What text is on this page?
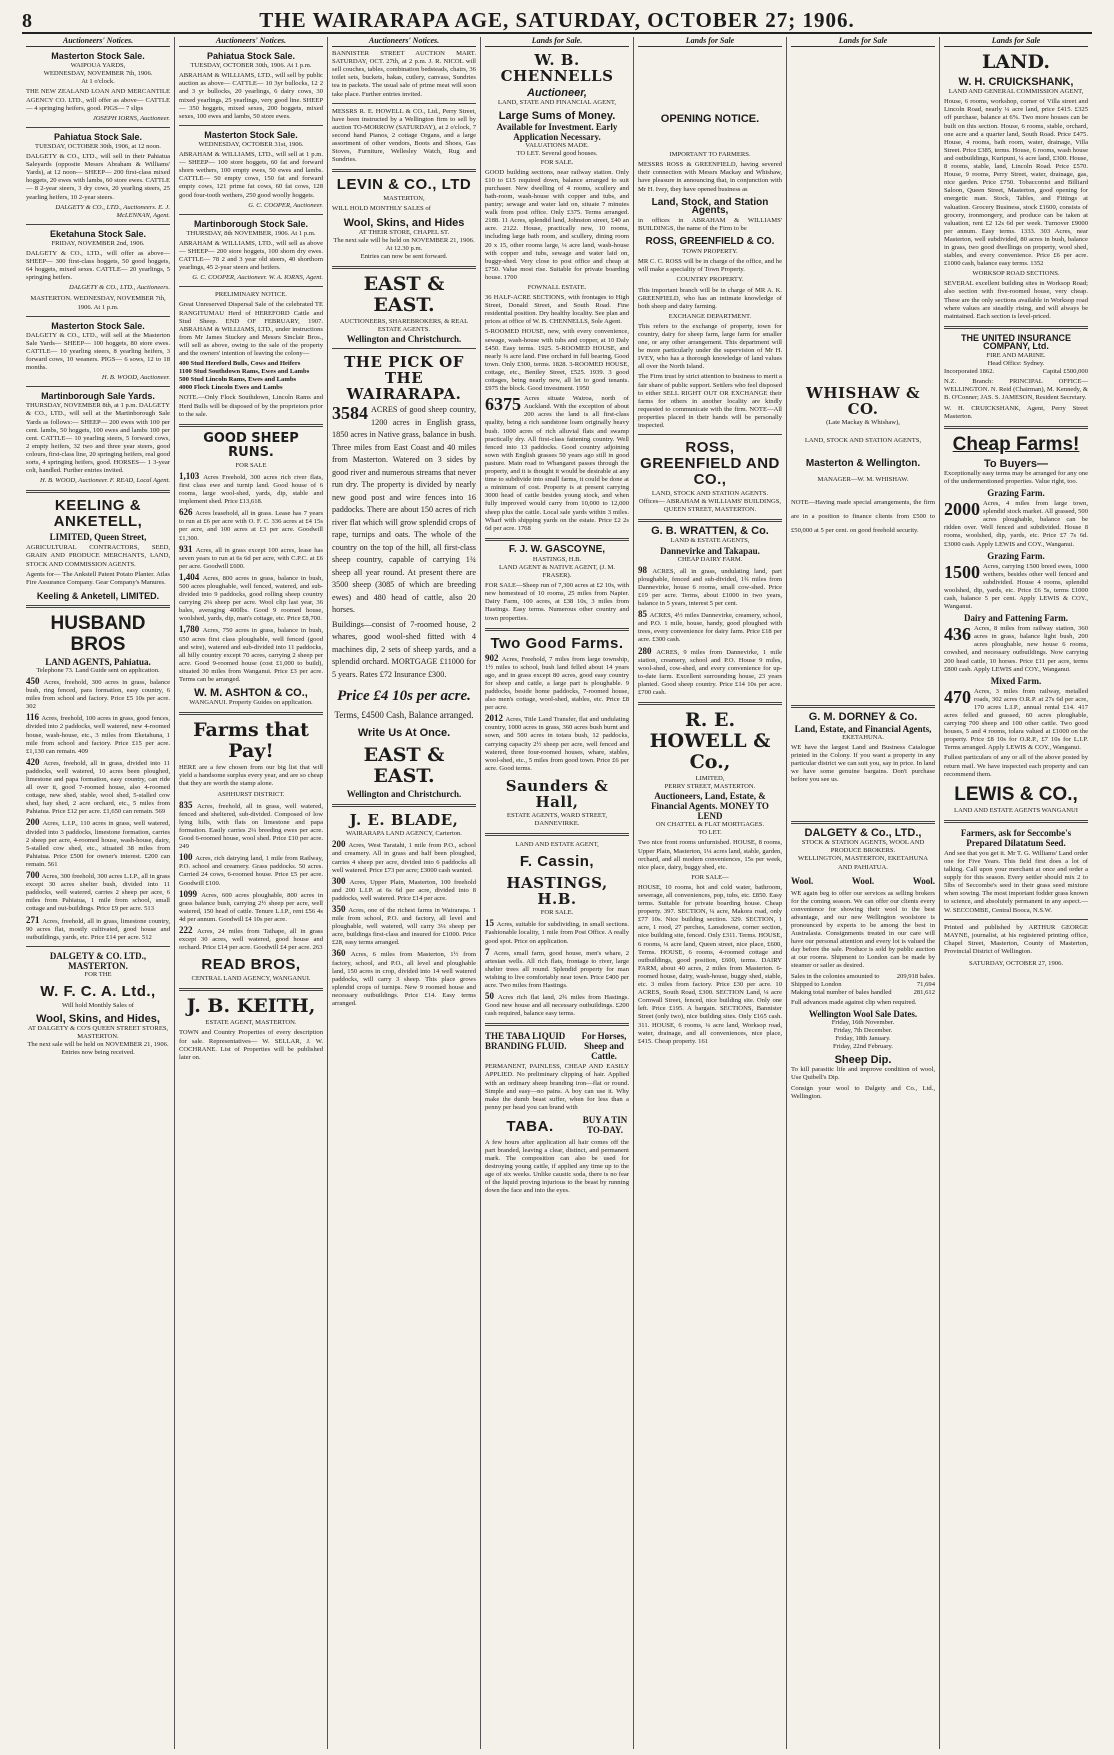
8	THE WAIRARAPA AGE, SATURDAY, OCTOBER 27; 1906.
Auctioneers' Notices.
Masterton Stock Sale.
WAIPOUA YARDS,
WEDNESDAY, NOVEMBER 7th, 1906.
At 1 o'clock.
THE NEW ZEALAND LOAN AND MERCANTILE AGENCY CO. LTD., will offer as above— CATTLE— 4 springing heifers, good. PIGS— 7 slips
JOSEPH IORNS, Auctioneer.
Pahiatua Stock Sale.
TUESDAY, OCTOBER 30th, 1906, at 12 noon.
DALGETY & CO., LTD., will sell in their Pahiatua Saleyards (opposite Messrs Abraham & Williams' Yards), at 12 noon— SHEEP— 200 first-class mixed hoggets, 20 ewes with lambs, 60 store ewes. CATTLE— 8 2-year steers, 3 dry cows, 20 yearling steers, 25 yearling heifers, 10 2-year steers.
DALGETY & CO., LTD., Auctioneers. E. J. McLENNAN, Agent.
Eketahuna Stock Sale.
FRIDAY, NOVEMBER 2nd, 1906.
DALGETY & CO., LTD., will offer as above— SHEEP— 300 first-class hoggets, 50 good hoggets, 64 hoggets, mixed sexes. CATTLE— 20 yearlings, 5 springing heifers.
DALGETY & CO., LTD., Auctioneers.
MASTERTON. WEDNESDAY, NOVEMBER 7th, 1906. At 1 p.m.
Masterton Stock Sale.
DALGETY & CO., LTD., will sell at the Masterton Sale Yards— SHEEP— 100 hoggets, 80 store ewes. CATTLE— 10 yearling steers, 8 yearling heifers, 3 forward cows, 10 weaners. PIGS— 6 sows, 12 to 18 months.
H. B. WOOD, Auctioneer.
Martinborough Sale Yards.
THURSDAY, NOVEMBER 8th, at 1 p.m. DALGETY & CO., LTD., will sell at the Martinborough Sale Yards as follows:— SHEEP— 200 ewes with 100 per cent. lambs, 50 hoggets, 100 ewes and lambs 100 per cent. CATTLE— 10 yearling steers, 5 forward cows, 2 empty heifers, 32 two and three year steers, good colours, first-class line, 20 springing heifers, real good sorts, 4 springing heifers, good. HORSES— 1 3-year colt, handled. Further entries invited.
H. B. WOOD, Auctioneer. F. READ, Local Agent.
KEELING & ANKETELL,
LIMITED, Queen Street,
AGRICULTURAL CONTRACTORS, SEED, GRAIN AND PRODUCE MERCHANTS, LAND, STOCK AND COMMISSION AGENTS.
Agents for— The Ankstell Patent Potato Planter. Atlas Fire Assurance Company. Gear Company's Manures.
Keeling & Anketell, LIMITED.
HUSBAND BROS
LAND AGENTS, Pahiatua.
Telephone 73. Land Guide sent on application.
450 Acres, freehold, 300 acres in grass, balance bush, ring fenced, para formation, easy country, 6 miles from school and factory. Price £5 10s per acre. 302
116 Acres, freehold, 100 acres in grass, good fences, divided into 2 paddocks, well watered, new 4-roomed house, wash-house, etc., 3 miles from Eketahuna, 1 mile from school and factory. Price £15 per acre. £1,130 can remain. 409
420 Acres, freehold, all in grass, divided into 11 paddocks, well watered, 10 acres been ploughed, limestone and papa formation, easy country, can ride all over it, good 7-roomed house, also 4-roomed cottage, new shed, stable, wool shed, 5-stalled cow shed, hay shed, 2 acre orchard, etc., 5 miles from Pahiatua. Price £12 per acre. £1,650 can remain. 569
200 Acres, L.I.P., 110 acres in grass, well watered, divided into 3 paddocks, limestone formation, carries 2 sheep per acre, 4-roomed house, wash-house, dairy, 5-stalled cow shed, etc., situated 38 miles from Pahiatua. Price £500 for owner's interest. £200 can remain. 561
700 Acres, 300 freehold, 300 acres L.I.P., all in grass except 30 acres shelter bush, divided into 11 paddocks, well watered, carries 2 sheep per acre, 6 miles from Pahiatua, 1 mile from school, small cottage and out-buildings. Price £9 per acre. 513
271 Acres, freehold, all in grass, limestone country, 90 acres flat, mostly cultivated, good house and outbuildings, yards, etc. Price £14 per acre. 512
DALGETY & CO. LTD., MASTERTON.
FOR THE
W. F. C. A. Ltd.,
Will hold Monthly Sales of
Wool, Skins, and Hides,
AT DALGETY & CO'S QUEEN STREET STORES, MASTERTON.
The next sale will be held on NOVEMBER 21, 1906. Entries now being received.
Auctioneers' Notices.
Pahiatua Stock Sale.
TUESDAY, OCTOBER 30th, 1906. At 1 p.m.
ABRAHAM & WILLIAMS, LTD., will sell by public auction as above— CATTLE— 10 3yr bullocks, 12 2 and 3 yr bullocks, 20 yearlings, 6 dairy cows, 30 mixed yearlings, 25 yearlings, very good line. SHEEP— 350 hoggets, mixed sexes, 200 hoggets, mixed sexes, 100 ewes and lambs, 50 store ewes.
Masterton Stock Sale.
WEDNESDAY, OCTOBER 31st, 1906.
ABRAHAM & WILLIAMS, LTD., will sell at 1 p.m.— SHEEP— 100 store hoggets, 60 fat and forward shorn wethers, 100 empty ewes, 50 ewes and lambs. CATTLE— 50 empty cows, 150 fat and forward empty cows, 121 prime fat cows, 60 fat cows, 128 good four-tooth wethers, 250 good woolly hoggets.
G. C. COOPER, Auctioneer.
Martinborough Stock Sale.
THURSDAY, 8th NOVEMBER, 1906. At 1 p.m.
ABRAHAM & WILLIAMS, LTD., will sell as above— SHEEP— 200 store hoggets, 100 shorn dry ewes. CATTLE— 78 2 and 3 year old steers, 40 shorthorn yearlings, 45 2-year steers and heifers.
G. C. COOPER, Auctioneer. W. A. IORNS, Agent.
PRELIMINARY NOTICE.
Great Unreserved Dispersal Sale of the celebrated TE RANGITUMAU Herd of HEREFORD Cattle and Stud Sheep. END OF FEBRUARY, 1907. ABRAHAM & WILLIAMS, LTD., under instructions from Mr James Stuckey and Messrs Sinclair Bros., will sell as above, owing to the sale of the property and the owners' intention of leaving the colony—
400 Stud Hereford Bulls, Cows and Heifers
1100 Stud Southdown Rams, Ewes and Lambs
500 Stud Lincoln Rams, Ewes and Lambs
4000 Flock Lincoln Ewes and Lambs
NOTE.—Only Flock Southdown, Lincoln Rams and Herd Bulls will be disposed of by the proprietors prior to the sale.
GOOD SHEEP RUNS.
FOR SALE
1,103 Acres Freehold, 300 acres rich river flats, first class ewe and turnip land. Good house of 6 rooms, large wool-shed, yards, dip, stable and implement shed. Price £13,618.
626 Acres leasehold, all in grass. Lease has 7 years to run at £6 per acre with O. F. C. 336 acres at £4 15s per acre, and 100 acres at £3 per acre. Goodwill £1,300.
931 Acres, all in grass except 100 acres, lease has seven years to run at 6s 6d per acre, with C.P.C. at £6 per acre. Goodwill £600.
1,404 Acres, 800 acres in grass, balance in bush, 500 acres ploughable, well fenced, watered, and sub-divided into 9 paddocks, good rolling sheep country carrying 2¼ sheep per acre. Wool clip last year, 36 bales, averaging 400lbs. Good 9 roomed house, woolshed, yards, dip, man's cottage, etc. Price £8,700.
1,780 Acres, 750 acres in grass, balance in bush, 650 acres first class ploughable, well fenced (good and wire), watered and sub-divided into 11 paddocks, all hilly country except 70 acres, carrying 2 sheep per acre. Good 9-roomed house (cost £1,000 to build), situated 30 miles from Wanganui. Price £3 per acre. Terms can be arranged.
W. M. ASHTON & CO.,
WANGANUI. Property Guides on application.
Farms that Pay!
HERE are a few chosen from our big list that will yield a handsome surplus every year, and are so cheap that they are worth the stamp alone.
ASHHURST DISTRICT.
835 Acres, freehold, all in grass, well watered, fenced and sheltered, sub-divided. Composed of low lying hills, with flats on limestone and papa formation. Easily carries 2¼ breeding ewes per acre. Good 6-roomed house, wool shed. Price £10 per acre. 249
100 Acres, rich dairying land, 1 mile from Railway, P.O. school and creamery. Grass paddocks. 50 acres. Carried 24 cows, 6-roomed house. Price £5 per acre. Goodwill £100.
1099 Acres, 600 acres ploughable, 800 acres in grass balance bush, carrying 2½ sheep per acre, well watered, 150 head of cattle. Tenure L.I.P., rent £56 4s 4d per annum. Goodwill £4 10s per acre.
222 Acres, 24 miles from Taihape, all in grass except 30 acres, well watered, good house and orchard. Price £14 per acre. Goodwill £4 per acre. 263
READ BROS,
CENTRAL LAND AGENCY, WANGANUI.
J. B. KEITH,
ESTATE AGENT, MASTERTON.
TOWN and Country Properties of every description for sale. Representatives— W. SELLAR, J. W. COCHRANE. List of Properties will be published later on.
Auctioneers' Notices.
BANNISTER STREET AUCTION MART. SATURDAY, OCT. 27th, at 2 p.m. J. R. NICOL will sell couches, tables, combination bedsteads, chairs, 36 toilet sets, buckets, bakas, cutlery, canvass, Sundries tea in packets. The usual sale of prime meat will soon take place. Further entries invited.
MESSRS R. E. HOWELL & CO., Ltd., Perry Street, have been instructed by a Wellington firm to sell by auction TO-MORROW (SATURDAY), at 2 o'clock, 7 second hand Pianos, 2 cottage Organs, and a large assortment of other vendors, Boots and Shoes, Gas Stoves, Furniture, Wellesley Watch, Rug and Sundries.
LEVIN & CO., LTD
MASTERTON,
WILL HOLD MONTHLY SALES of
Wool, Skins, and Hides
AT THEIR STORE, CHAPEL ST.
The next sale will be held on NOVEMBER 21, 1906. At 12.30 p.m.
Entries can now be sent forward.
EAST & EAST.
AUCTIONEERS, SHAREBROKERS, & REAL ESTATE AGENTS.
Wellington and Christchurch.
THE PICK OF THE WAIRARAPA.
3584 ACRES of good sheep country, 1200 acres in English grass, 1850 acres in Native grass, balance in bush. Three miles from East Coast and 40 miles from Masterton. Watered on 3 sides by good river and numerous streams that never run dry. The property is divided by nearly new good post and wire fences into 16 paddocks. There are about 150 acres of rich river flat which will grow splendid crops of rape, turnips and oats. The whole of the country on the top of the hill, all first-class sheep country, capable of carrying 1¾ sheep all year round. At present there are 3500 sheep (3085 of which are breeding ewes) and 480 head of cattle, also 20 horses.
Buildings—consist of 7-roomed house, 2 whares, good wool-shed fitted with 4 machines dip, 2 sets of sheep yards, and a splendid orchard. MORTGAGE £11000 for 5 years. Rates £72 Insurance £300.
Price £4 10s per acre.
Terms, £4500 Cash, Balance arranged.
Write Us At Once.
EAST & EAST.
Wellington and Christchurch.
J. E. BLADE,
WAIRARAPA LAND AGENCY, Carterton.
200 Acres, West Taratahi, 1 mile from P.O., school and creamery. All in grass and half been ploughed, carries 4 sheep per acre, divided into 6 paddocks all well watered. Price £73 per acre; £3000 cash wanted.
300 Acres, Upper Plain, Masterton, 100 freehold and 200 L.I.P. at 6s 6d per acre, divided into 8 paddocks, well watered. Price £14 per acre.
350 Acres, one of the richest farms in Wairarapa. 1 mile from school, P.O. and factory, all level and ploughable, well watered, will carry 3¼ sheep per acre, buildings first-class and insured for £1000. Price £28, easy terms arranged.
360 Acres, 6 miles from Masterton, 1½ from factory, school, and P.O., all level and ploughable land, 150 acres in crop, divided into 14 well watered paddocks, will carry 3 sheep. This place grows splendid crops of turnips. New 9 roomed house and necessary outbuildings. Price £14. Easy terms arranged.
Lands for Sale.
W. B. CHENNELLS
Auctioneer,
LAND, STATE AND FINANCIAL AGENT,
Large Sums of Money.
Available for Investment. Early Application Necessary.
VALUATIONS MADE.
TO LET. Several good houses.
FOR SALE.
GOOD building sections, near railway station. Only £10 to £15 required down, balance arranged to suit purchaser. New dwelling of 4 rooms, scullery and bath-room, wash-house with copper and tubs, and pantry; sewage and water laid on, situate 7 minutes walk from post office. Only £375. Terms arranged. 2188. 11 Acres, splendid land, Johnston street, £40 an acre. 2122. House, practically new, 10 rooms, including large bath room, and scullery, dining room 20 x 15, other rooms large, ¼ acre land, wash-house with copper and tubs, sewage and water laid on, buggy-shed. Very close to post office and cheap at £750. Value most rise. Suitable for private boarding house. 1700
FOWNALL ESTATE.
36 HALF-ACRE SECTIONS, with frontages to High Street, Donald Street, and South Road. Fine residential position. Dry healthy locality. See plan and prices at office of W. B. CHENNELLS, Sole Agent.
5-ROOMED HOUSE, new, with every convenience, sewage, wash-house with tubs and copper, at 10 Daly £450. Easy terms. 1925. 5-ROOMED HOUSE, and nearly ¼ acre land. Fine orchard in full bearing, Good town. Only £300, terms. 1828. 3-ROOMED HOUSE, cottage, etc., Bentley Street, £525. 1939. 3 good cottages, being nearly new, all let to good tenants. £975 the block. Good investment. 1950
6375 Acres situate Wairoa, north of Auckland. With the exception of about 200 acres the land is all first-class quality, being a rich sandstone loam originally heavy bush. 1000 acres of rich alluvial flats and swamp practically dry. All first-class fattening country. Well fenced into 13 paddocks. Good country adjoining sown with English grasses 50 years ago still in good pasture. Main road to Whangarei passes through the property, and it is thought it would be desirable at any time to subdivide into small farms, it could be done at a minimum of cost. Property is at present carrying 3000 head of cattle besides young stock, and when fully improved would carry from 10,000 to 12,000 sheep plus the cattle. Local sale yards within 3 miles. Wharf with shipping yards on the estate. Price £2 2s 6d per acre. 1768
F. J. W. GASCOYNE,
HASTINGS, H.B.
LAND AGENT & NATIVE AGENT, (J. M. FRASER).
FOR SALE—Sheep run of 7,300 acres at £2 10s, with new homestead of 10 rooms, 25 miles from Napier. Dairy Farm, 100 acres, at £38 10s, 3 miles from Hastings. Easy terms. Numerous other country and town properties.
Two Good Farms.
902 Acres, Freehold, 7 miles from large township, 1½ miles to school, bush land felled about 14 years ago, and in grass except 80 acres, good easy country for sheep and cattle, a large part is ploughable. 9 paddocks, beside home paddocks, 7-roomed house, also men's cottage, wool-shed, stables, etc. Price £8 per acre.
2012 Acres, Title Land Transfer, flat and undulating country, 1000 acres in grass, 360 acres bush burnt and sown, and 500 acres in totara bush, 12 paddocks, carrying capacity 2½ sheep per acre, well fenced and watered, three four-roomed houses, whare, stables, wool-shed, etc., 5 miles from good town. Price £6 per acre. Good terms.
Saunders & Hall,
ESTATE AGENTS, WARD STREET, DANNEVIRKE.
LAND AND ESTATE AGENT,
F. Cassin,
HASTINGS, H.B.
FOR SALE.
15 Acres, suitable for subdividing, in small sections. Fashionable locality, 1 mile from Post Office. A really good spot. Price on application.
7 Acres, small farm, good house, men's whare, 2 artesian wells. All rich flats, frontage to river, large shelter trees all round. Splendid property for man wishing to live comfortably near town. Price £400 per acre. Two miles from Hastings.
50 Acres rich flat land, 2¾ miles from Hastings. Good new house and all necessary outbuildings. £200 cash required, balance easy terms.
THE TABA LIQUID BRANDING FLUID.
For Horses, Sheep and Cattle.
PERMANENT, PAINLESS, CHEAP AND EASILY APPLIED. No preliminary clipping of hair. Applied with an ordinary sheep branding iron—flat or round. Simple and easy—no pains. A boy can use it. Why make the dumb beast suffer, when for less than a penny per head you can brand with
TABA.	BUY A TIN TO-DAY.
A few hours after application all hair comes off the part branded, leaving a clear, distinct, and permanent mark. The composition can also be used for destroying young cattle, if applied any time up to the age of six weeks. Unlike caustic soda, there is no fear of the liquid proving injurious to the beast by running down the face and into the eyes.
Lands for Sale
OPENING NOTICE.
IMPORTANT TO FARMERS.
MESSRS ROSS & GREENFIELD, having severed their connection with Messrs Mackay and Whishaw, have pleasure in announcing that, in conjunction with Mr H. Ivey, they have opened business as
Land, Stock, and Station Agents,
in offices in ABRAHAM & WILLIAMS' BUILDINGS, the name of the Firm to be
ROSS, GREENFIELD & CO.
TOWN PROPERTY.
MR C. C. ROSS will be in charge of the office, and he will make a speciality of Town Property.
COUNTRY PROPERTY.
This important branch will be in charge of MR A. K. GREENFIELD, who has an intimate knowledge of both sheep and dairy farming.
EXCHANGE DEPARTMENT.
This refers to the exchange of property, town for country, dairy for sheep farm, large farm for smaller one, or any other arrangement. This department will be more particularly under the supervision of Mr H. IVEY, who has a thorough knowledge of land values all over the North Island.
The Firm trust by strict attention to business to merit a fair share of public support. Settlers who feel disposed to either SELL RIGHT OUT OR EXCHANGE their farms for others in another locality are kindly requested to communicate with the firm. NOTE—All properties placed in their hands will be personally inspected.
ROSS, GREENFIELD AND CO.,
LAND, STOCK AND STATION AGENTS.
Offices— ABRAHAM & WILLIAMS' BUILDINGS, QUEEN STREET, MASTERTON.
G. B. WRATTEN, & Co.
LAND & ESTATE AGENTS,
Dannevirke and Takapau.
CHEAP DAIRY FARM.
98 ACRES, all in grass, undulating land, part ploughable, fenced and sub-divided, 1¾ miles from Dannevirke, house 6 rooms, small cow-shed. Price £19 per acre. Terms, about £1000 in two years, balance in 5 years, interest 5 per cent.
85 ACRES, 4½ miles Dannevirke, creamery, school, and P.O. 1 mile, house, handy, good ploughed with trees, every convenience for dairy farm. Price £18 per acre. £300 cash.
280 ACRES, 9 miles from Dannevirke, 1 mile station, creamery, school and P.O. House 9 miles, wool-shed, cow-shed, and every convenience for up-to-date farm. Excellent surrounding house, 23 years planted. Good sheep country. Price £14 10s per acre. £700 cash.
R. E. HOWELL & Co.,
LIMITED,
PERRY STREET, MASTERTON.
Auctioneers, Land, Estate, & Financial Agents. MONEY TO LEND
ON CHATTEL & FLAT MORTGAGES.
TO LET.
Two nice front rooms unfurnished. HOUSE, 8 rooms, Upper Plain, Masterton, 1¼ acres land, stable, garden, orchard, and all modern conveniences, 15s per week, nice place, dairy, buggy shed, etc.
FOR SALE—
HOUSE, 10 rooms, hot and cold water, bathroom, sewerage, all conveniences, pop, tubs, etc. £850. Easy terms. Suitable for private boarding house. Cheap property. 397. SECTION, ¼ acre, Makora road, only £77 10s. Nice building section. 329. SECTION, 1 acre, 1 rood, 27 perches, Lansdowne, corner section, nice building site, fenced. Only £311. Terms. HOUSE, 6 rooms, ¼ acre land, Queen street, nice place, £600, Terms. HOUSE, 6 rooms, 4-roomed cottage and outbuildings, good position, £600, terms. DAIRY FARM, about 40 acres, 2 miles from Masterton. 6-roomed house, dairy, wash-house, buggy shed, stable, etc. 3 miles from factory. Price £30 per acre. 10 ACRES, South Road, £300. SECTION Land, ¼ acre Cornwall Street, fenced, nice building site. Only one left. Price £195. A bargain. SECTIONS, Bannister Street (only two), nice building sites. Only £165 cash. 311. HOUSE, 6 rooms, ¼ acre land, Worksop road, water, drainage, and all conveniences, nice place, £415. Cheap property. 161
Lands for Sale
WHISHAW & CO.
(Late Mackay & Whishaw),
LAND, STOCK AND STATION AGENTS,
Masterton & Wellington.
MANAGER—W. M. WHISHAW.
NOTE—Having made special arrangements, the firm are in a position to finance clients from £500 to £50,000 at 5 per cent. on good freehold security.
G. M. DORNEY & Co.
Land, Estate, and Financial Agents,
EKETAHUNA.
WE have the largest Land and Business Catalogue printed in the Colony. If you want a property in any particular district we can suit you, say in price. In land we have some genuine bargains. Don't purchase before you see us.
DALGETY & Co., LTD.,
STOCK & STATION AGENTS, WOOL AND PRODUCE BROKERS.
WELLINGTON, MASTERTON, EKETAHUNA AND PAHIATUA.
Wool.	Wool.	Wool.
WE again beg to offer our services as selling brokers for the coming season. We can offer our clients every convenience for showing their wool to the best advantage, and our new Wellington woolstore is pronounced by experts to be among the best in Australasia. Consignments treated in our care will have our personal attention and every lot is valued the day before the sale. Produce is sold by public auction at our rooms. Shipment to London can be made by steamer or sailer as desired.
Sales in the colonies amounted to	209,918 bales.
Shipped to London	71,694
Making total number of bales handled	281,612
Full advances made against clip when required.
Wellington Wool Sale Dates.
Friday, 16th November.
Friday, 7th December.
Friday, 18th January.
Friday, 22nd February.
Sheep Dip.
To kill parasitic life and improve condition of wool, Use Quibell's Dip.
Consign your wool to Dalgety and Co., Ltd., Wellington.
Lands for Sale
LAND.
W. H. CRUICKSHANK,
LAND AND GENERAL COMMISSION AGENT,
House, 6 rooms, workshop, corner of Villa street and Lincoln Road, nearly ¼ acre land, price £415. £325 off purchase, balance at 6%. Two more houses can be built on this section. House, 6 rooms, stable, orchard, one acre and a quarter land, South Road. Price £475. House, 4 rooms, bath room, water, drainage, Villa Street. Price £385, terms. House, 6 rooms, wash house and outbuildings, Kuripuni, ¼ acre land, £300. House, 8 rooms, stable, land, Lincoln Road. Price £570. House, 9 rooms, Perry Street, water, drainage, gas, nice garden. Price £750. Tobacconist and Billiard Saloon, Queen Street, Masterton, good opening for energetic man. Stock, Tables, and Fittings at valuation. Grocery Business, stock £1600, consists of grocery, ironmongery, and produce can be taken at valuation, rent £2 12s 6d per week. Turnover £9000 per annum. Easy terms. 1333. 303 Acres, near Masterton, well subdivided, 80 acres in bush, balance in grass, two good dwellings on property, wool shed, stables, and every convenience. Price £6 per acre. £1000 cash, balance easy terms. 1352
WORKSOP ROAD SECTIONS.
SEVERAL excellent building sites in Worksop Road; also section with five-roomed house, very cheap. These are the only sections available in Worksop road where values are steadily rising, and will always be maintained. Each section is level-priced.
THE UNITED INSURANCE COMPANY, Ltd.
FIRE AND MARINE.
Head Office: Sydney.
Incorporated 1862.	Capital £500,000
N.Z. Branch: PRINCIPAL OFFICE—WELLINGTON. N. Reid (Chairman), M. Kennedy, & B. O'Conner; JAS. S. JAMESON, Resident Secretary.
W. H. CRUICKSHANK, Agent, Perry Street Masterton.
Cheap Farms!
To Buyers—
Exceptionally easy terms may be arranged for any one of the undermentioned properties. Value right, too.
Grazing Farm.
2000 Acres, 4 miles from large town, splendid stock market. All grassed, 500 acres ploughable, balance can be ridden over. Well fenced and subdivided. House 8 rooms, woolshed, dip, yards, etc. Price £7 7s 6d. £3000 cash. Apply LEWIS and COY., Wanganui.
Grazing Farm.
1500 Acres, carrying 1500 breed ewes, 1000 wethers, besides other well fenced and subdivided. House 4 rooms, splendid woolshed, dip, yards, etc. Price £6 5s, terms £1000 cash, balance 5 per cent. Apply LEWIS & COY., Wanganui.
Dairy and Fattening Farm.
436 Acres, 8 miles from railway station, 360 acres in grass, balance light bush, 200 acres ploughable, new house 6 rooms, cowshed, and necessary outbuildings. Now carrying 200 head cattle, 10 horses. Price £11 per acre, terms £800 cash. Apply LEWIS and COY., Wanganui.
Mixed Farm.
470 Acres, 3 miles from railway, metalled roads, 302 acres O.R.P. at 27s 6d per acre, 170 acres L.I.P., annual rental £14. 417 acres felled and grassed, 60 acres ploughable, carrying 700 sheep and 100 other cattle. Two good houses, 5 and 4 rooms, tolara valued at £1000 on the property. Price £8 10s for O.R.P., £7 10s for L.I.P. Terms arranged. Apply LEWIS & COY., Wanganui.
Fullest particulars of any or all of the above posted by return mail. We have inspected each property and can recommend them.
LEWIS & CO.,
LAND AND ESTATE AGENTS WANGANUI
Farmers, ask for Seccombe's Prepared Dilatatum Seed.
And see that you get it. Mr T. G. Williams' Land order one for Five Years. This field first does a lot of talking. Call upon your merchant at once and order a supply for this season. Every settler should mix 2 to 5lbs of Seccombe's seed in their grass seed mixture when sowing. The most important fodder grass known to science, and absolutely permanent in any aspect.—W. SECCOMBE, Central Booca, N.S.W.
Printed and published by ARTHUR GEORGE MAYNE, journalist, at his registered printing office, Chapel Street, Masterton, County of Masterton, Provincial District of Wellington.
SATURDAY, OCTOBER 27, 1906.
